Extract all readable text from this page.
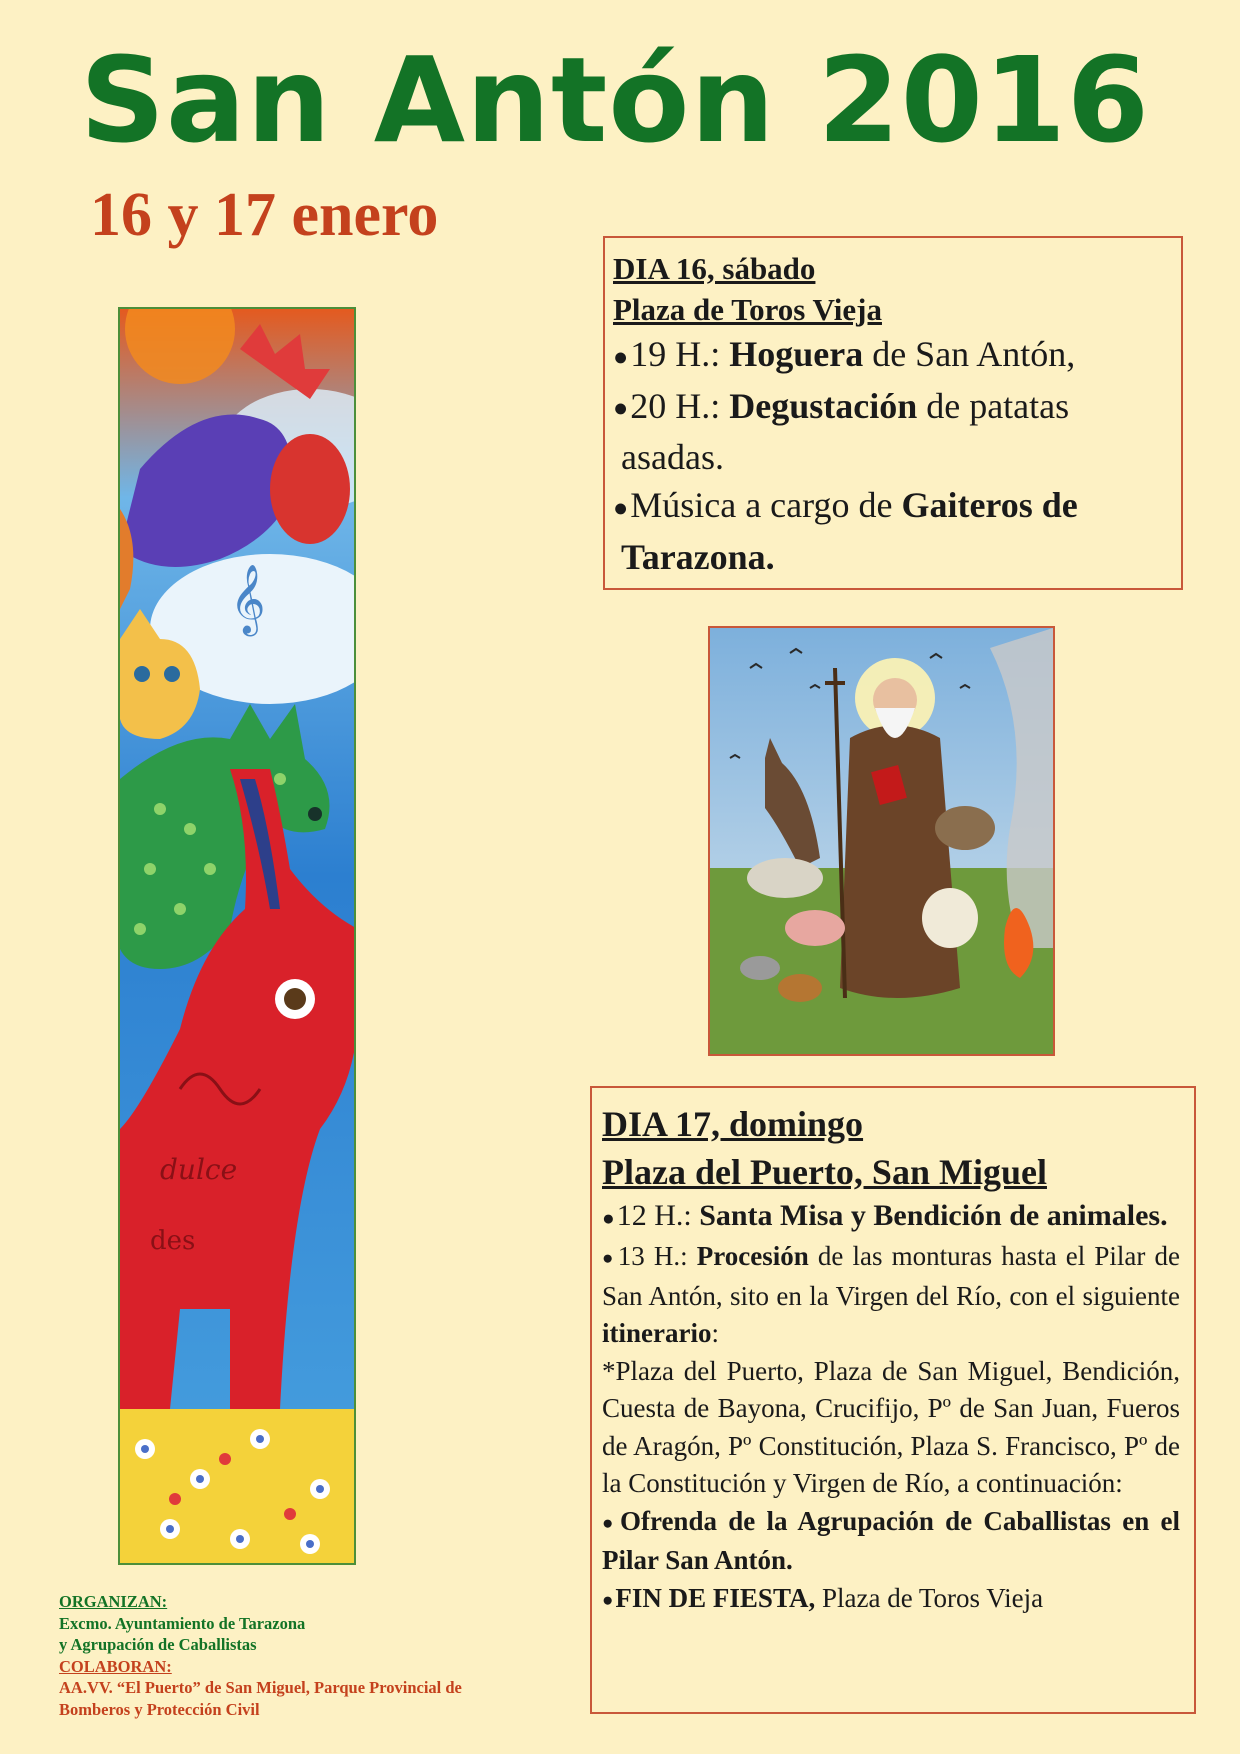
San Antón 2016
16 y 17 enero
DIA 16, sábado
Plaza de Toros Vieja
●19 H.: Hoguera de San Antón,
●20 H.: Degustación de patatas
asadas.
●Música a cargo de Gaiteros de
Tarazona.
𝄞
dulce
des
DIA 17, domingo
Plaza del Puerto, San Miguel
●12 H.: Santa Misa y Bendición de animales.
●13 H.: Procesión de las monturas hasta el Pilar de San Antón, sito en la Virgen del Río, con el siguiente itinerario:
*Plaza del Puerto, Plaza de San Miguel, Bendición, Cuesta de Bayona, Crucifijo, Pº de San Juan, Fueros de Aragón, Pº Constitución, Plaza S. Francisco, Pº de la Constitución y Virgen de Río, a continuación:
●Ofrenda de la Agrupación de Caballistas en el Pilar San Antón.
●FIN DE FIESTA, Plaza de Toros Vieja
ORGANIZAN:
Excmo. Ayuntamiento de Tarazona
y Agrupación de Caballistas
COLABORAN:
AA.VV. “El Puerto” de San Miguel, Parque Provincial de
Bomberos y Protección Civil
